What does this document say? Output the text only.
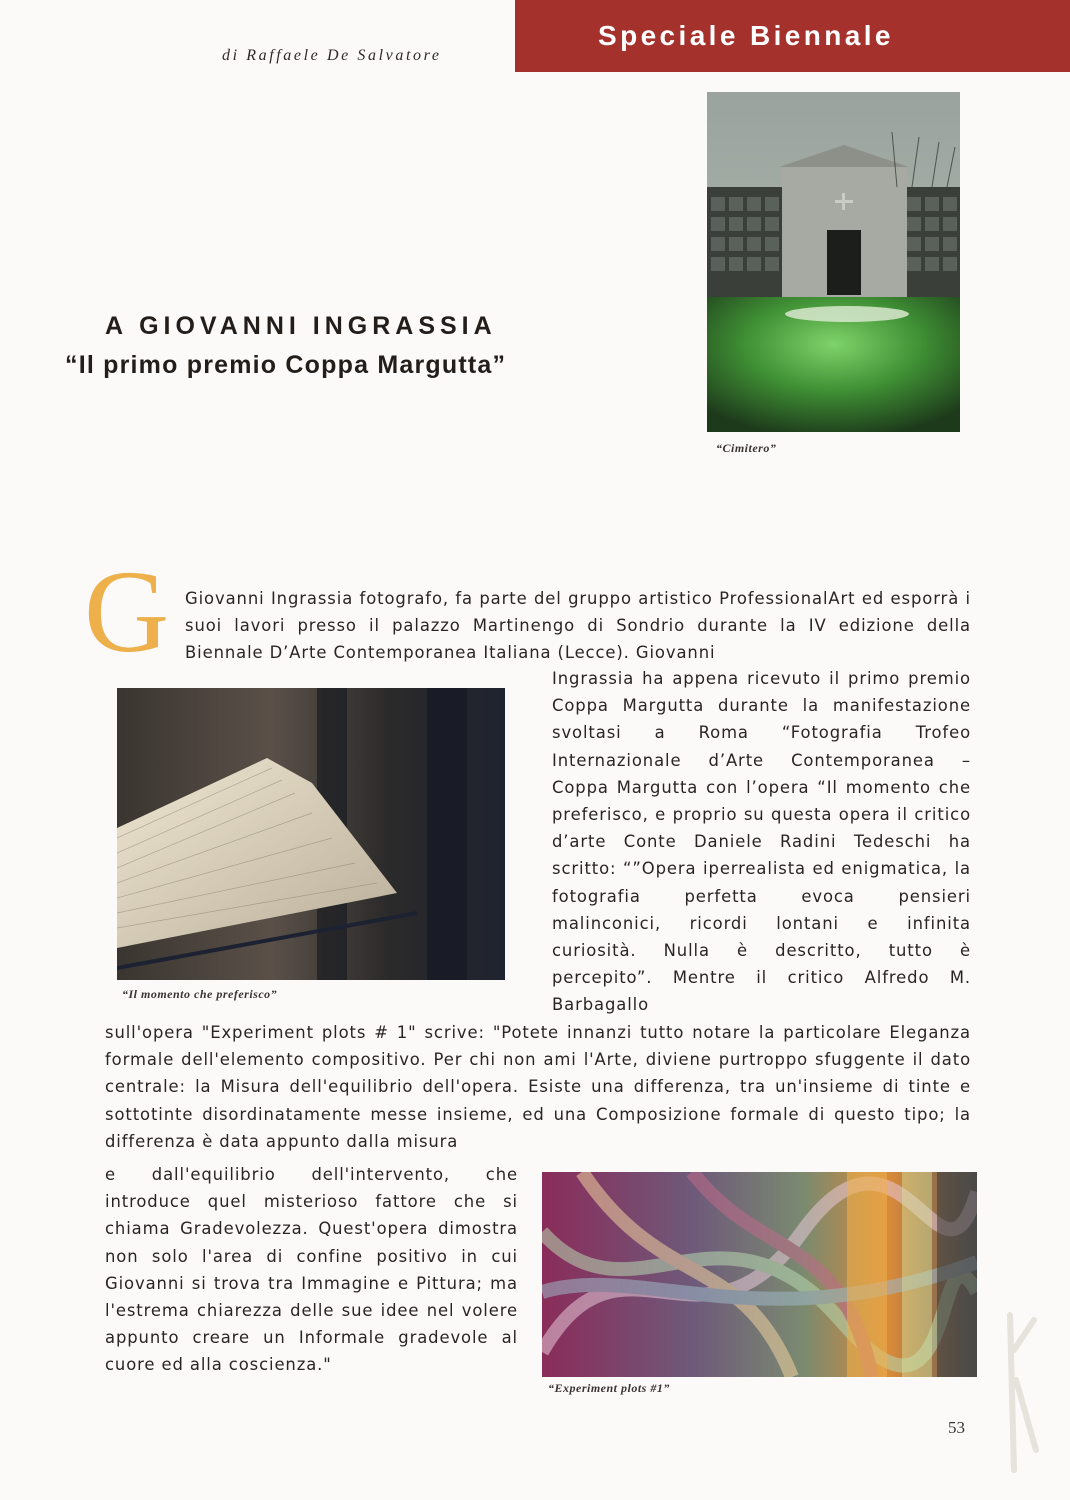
di Raffaele De Salvatore
Speciale Biennale
A GIOVANNI INGRASSIA
“Il primo premio Coppa Margutta”
“Cimitero”
G Giovanni Ingrassia fotografo, fa parte del gruppo artistico ProfessionalArt ed esporrà i suoi lavori presso il palazzo Martinengo di Sondrio durante la IV edizione della Biennale D’Arte Contemporanea Italiana (Lecce). Giovanni
“Il momento che preferisco”
Ingrassia ha appena ricevuto il primo premio Coppa Margutta durante la manifestazione svoltasi a Roma “Fotografia Trofeo Internazionale d’Arte Contemporanea – Coppa Margutta con l’opera “Il momento che preferisco, e proprio su questa opera il critico d’arte Conte Daniele Radini Tedeschi ha scritto: “”Opera iperrealista ed enigmatica, la fotografia perfetta evoca pensieri malinconici, ricordi lontani e infinita curiosità. Nulla è descritto, tutto è percepito”. Mentre il critico Alfredo M. Barbagallo
sull'opera "Experiment plots # 1" scrive: "Potete innanzi tutto notare la particolare Eleganza formale dell'elemento compositivo. Per chi non ami l'Arte, diviene purtroppo sfuggente il dato centrale: la Misura dell'equilibrio dell'opera. Esiste una differenza, tra un'insieme di tinte e sottotinte disordinatamente messe insieme, ed una Composizione formale di questo tipo; la differenza è data appunto dalla misura
e dall'equilibrio dell'intervento, che introduce quel misterioso fattore che si chiama Gradevolezza. Quest'opera dimostra non solo l'area di confine positivo in cui Giovanni si trova tra Immagine e Pittura; ma l'estrema chiarezza delle sue idee nel volere appunto creare un Informale gradevole al cuore ed alla coscienza."
“Experiment plots #1”
53
